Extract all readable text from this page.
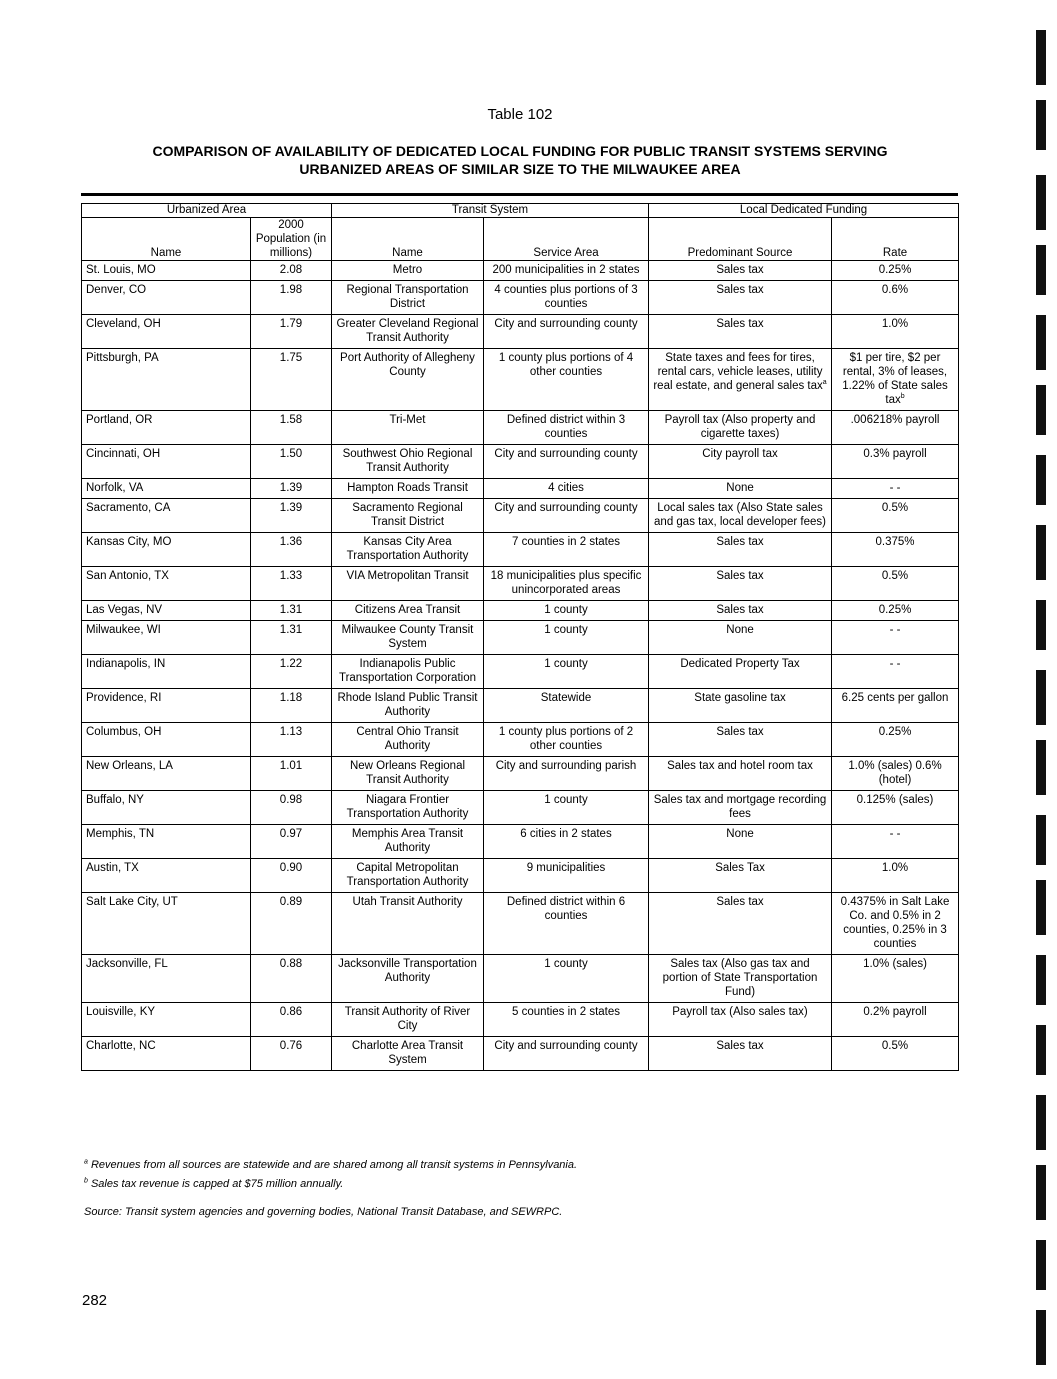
Table 102
COMPARISON OF AVAILABILITY OF DEDICATED LOCAL FUNDING FOR PUBLIC TRANSIT SYSTEMS SERVING URBANIZED AREAS OF SIMILAR SIZE TO THE MILWAUKEE AREA
Urbanized Area		Transit System		Local Dedicated Funding	
Name	2000 Population (in millions)	Name	Service Area	Predominant Source	Rate
St. Louis, MO	2.08	Metro	200 municipalities in 2 states	Sales tax	0.25%
Denver, CO	1.98	Regional Transportation District	4 counties plus portions of 3 counties	Sales tax	0.6%
Cleveland, OH	1.79	Greater Cleveland Regional Transit Authority	City and surrounding county	Sales tax	1.0%
Pittsburgh, PA	1.75	Port Authority of Allegheny County	1 county plus portions of 4 other counties	State taxes and fees for tires, rental cars, vehicle leases, utility real estate, and general sales tax$^a$	$1 per tire, $2 per rental, 3% of leases, 1.22% of State sales tax$^b$
Portland, OR	1.58	Tri-Met	Defined district within 3 counties	Payroll tax (Also property and cigarette taxes)	.006218% payroll
Cincinnati, OH	1.50	Southwest Ohio Regional Transit Authority	City and surrounding county	City payroll tax	0.3% payroll
Norfolk, VA	1.39	Hampton Roads Transit	4 cities	None	- -
Sacramento, CA	1.39	Sacramento Regional Transit District	City and surrounding county	Local sales tax (Also State sales and gas tax, local developer fees)	0.5%
Kansas City, MO	1.36	Kansas City Area Transportation Authority	7 counties in 2 states	Sales tax	0.375%
San Antonio, TX	1.33	VIA Metropolitan Transit	18 municipalities plus specific unincorporated areas	Sales tax	0.5%
Las Vegas, NV	1.31	Citizens Area Transit	1 county	Sales tax	0.25%
Milwaukee, WI	1.31	Milwaukee County Transit System	1 county	None	- -
Indianapolis, IN	1.22	Indianapolis Public Transportation Corporation	1 county	Dedicated Property Tax	- -
Providence, RI	1.18	Rhode Island Public Transit Authority	Statewide	State gasoline tax	6.25 cents per gallon
Columbus, OH	1.13	Central Ohio Transit Authority	1 county plus portions of 2 other counties	Sales tax	0.25%
New Orleans, LA	1.01	New Orleans Regional Transit Authority	City and surrounding parish	Sales tax and hotel room tax	1.0% (sales) 0.6% (hotel)
Buffalo, NY	0.98	Niagara Frontier Transportation Authority	1 county	Sales tax and mortgage recording fees	0.125% (sales)
Memphis, TN	0.97	Memphis Area Transit Authority	6 cities in 2 states	None	- -
Austin, TX	0.90	Capital Metropolitan Transportation Authority	9 municipalities	Sales Tax	1.0%
Salt Lake City, UT	0.89	Utah Transit Authority	Defined district within 6 counties	Sales tax	0.4375% in Salt Lake Co. and 0.5% in 2 counties, 0.25% in 3 counties
Jacksonville, FL	0.88	Jacksonville Transportation Authority	1 county	Sales tax (Also gas tax and portion of State Transportation Fund)	1.0% (sales)
Louisville, KY	0.86	Transit Authority of River City	5 counties in 2 states	Payroll tax (Also sales tax)	0.2% payroll
Charlotte, NC	0.76	Charlotte Area Transit System	City and surrounding county	Sales tax	0.5%
$^a$ Revenues from all sources are statewide and are shared among all transit systems in Pennsylvania.
$^b$ Sales tax revenue is capped at $75 million annually.
Source: Transit system agencies and governing bodies, National Transit Database, and SEWRPC.
282
